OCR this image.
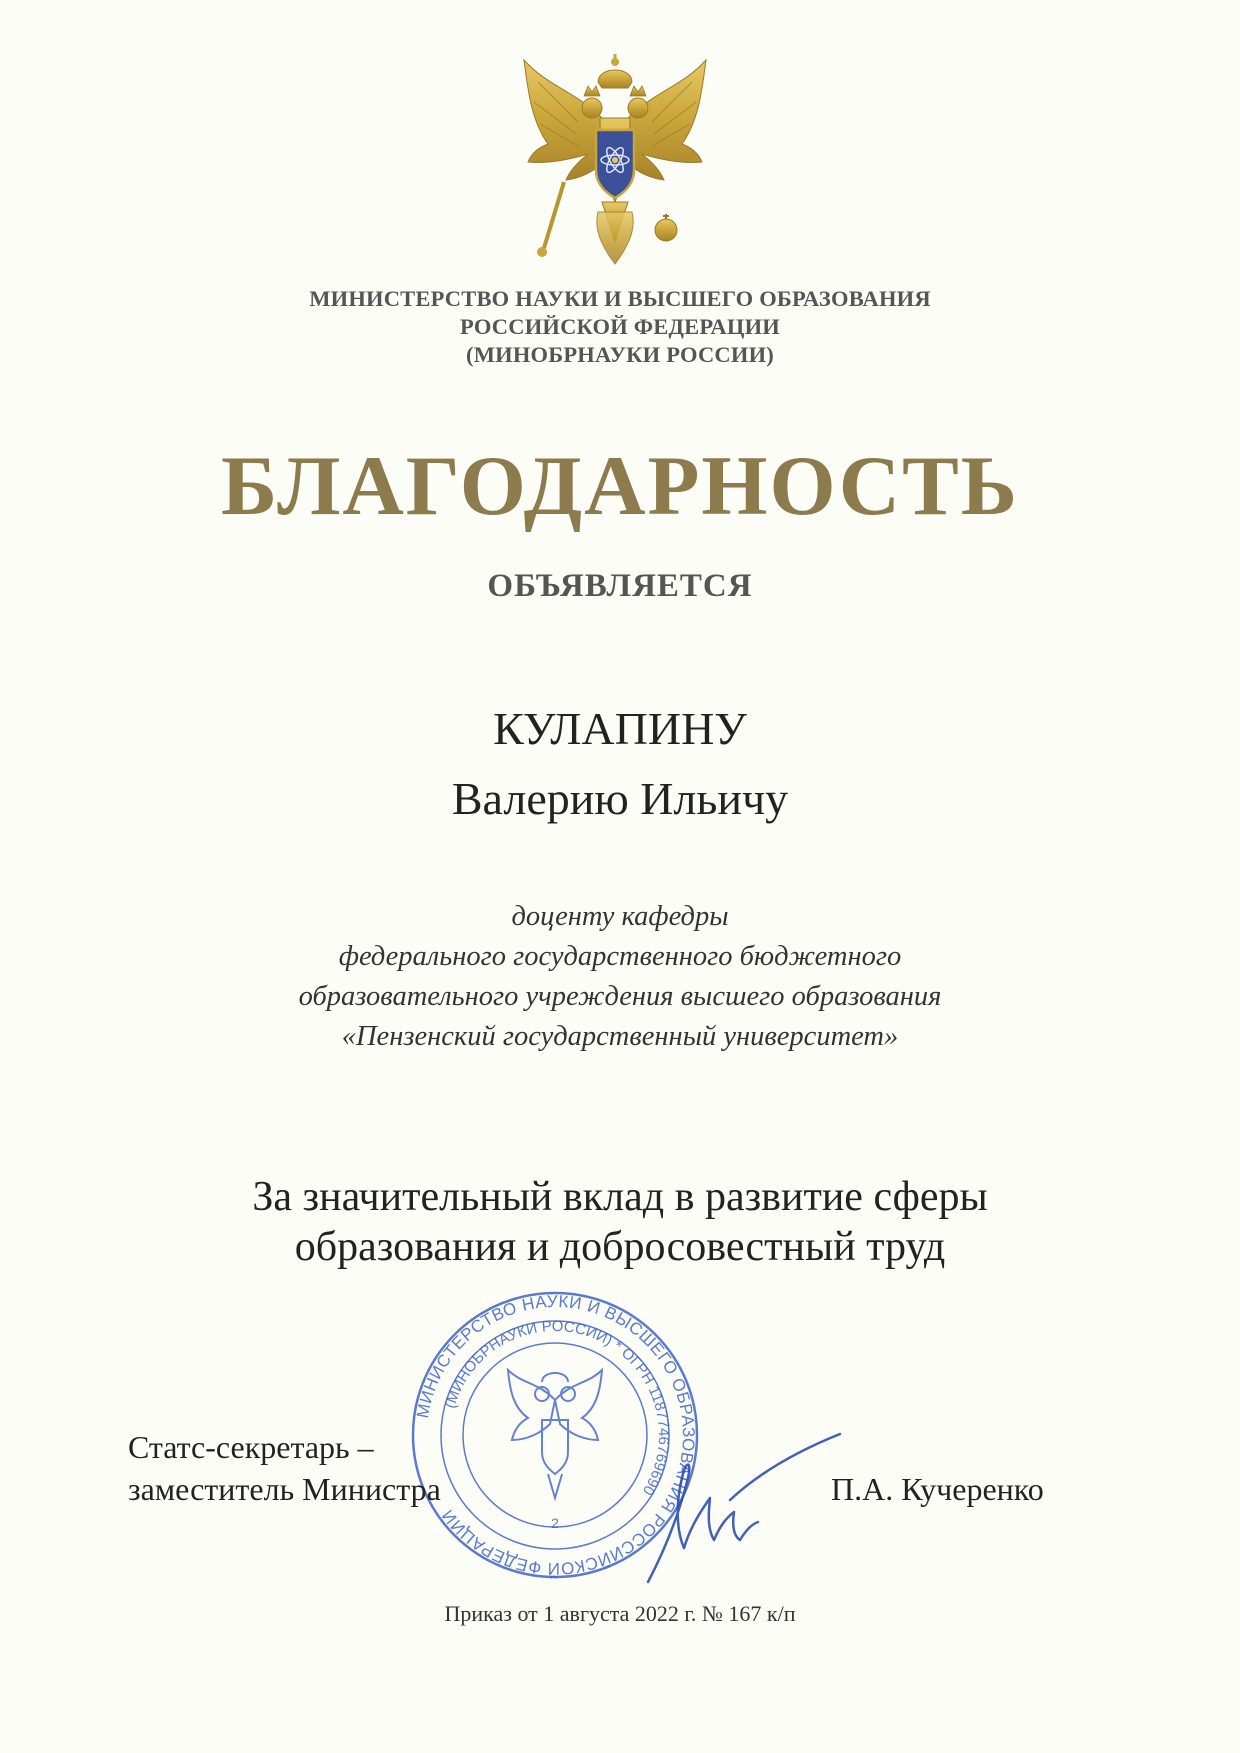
МИНИСТЕРСТВО НАУКИ И ВЫСШЕГО ОБРАЗОВАНИЯ
РОССИЙСКОЙ ФЕДЕРАЦИИ
(МИНОБРНАУКИ РОССИИ)
БЛАГОДАРНОСТЬ
ОБЪЯВЛЯЕТСЯ
КУЛАПИНУ
Валерию Ильичу
доценту кафедры
федерального государственного бюджетного
образовательного учреждения высшего образования
«Пензенский государственный университет»
За значительный вклад в развитие сферы
образования и добросовестный труд
МИНИСТЕРСТВО НАУКИ И ВЫСШЕГО ОБРАЗОВАНИЯ РОССИЙСКОЙ ФЕДЕРАЦИИ
(МИНОБРНАУКИ РОССИИ) * ОГРН 1187746769690
2
Статс-секретарь –
заместитель Министра	П.А. Кучеренко
Приказ от 1 августа 2022 г. № 167 к/п
